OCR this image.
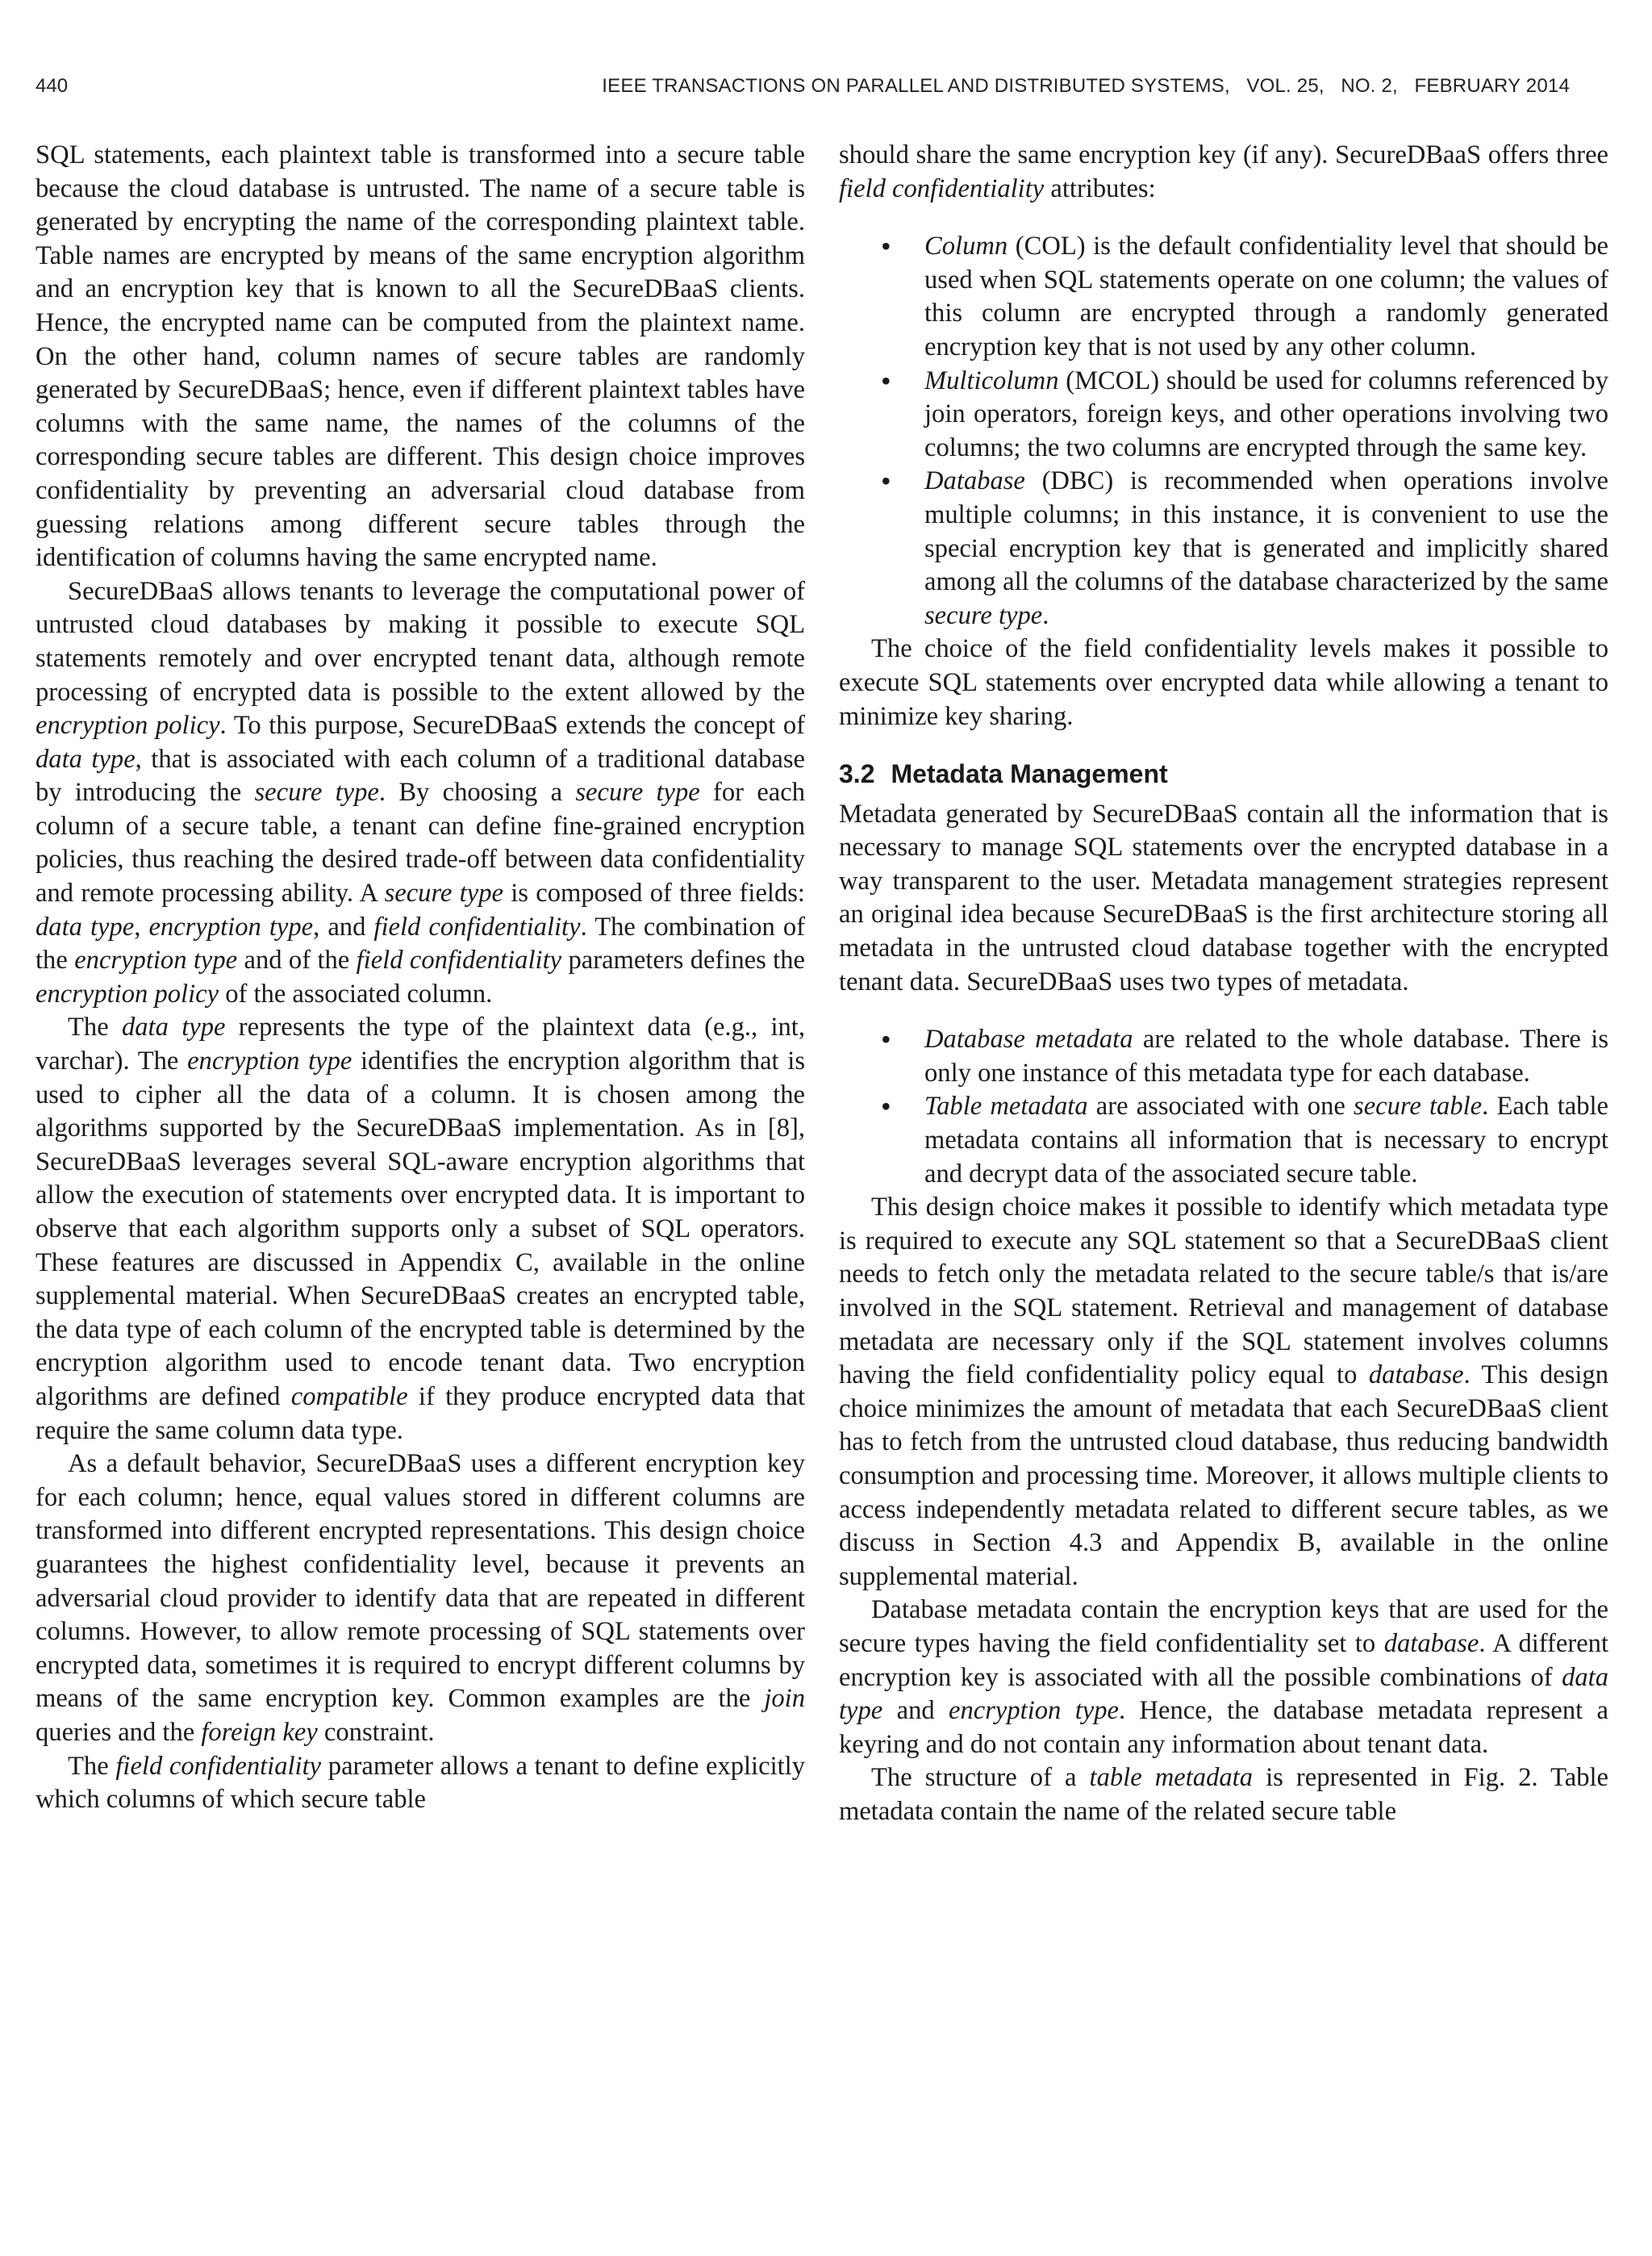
440	IEEE TRANSACTIONS ON PARALLEL AND DISTRIBUTED SYSTEMS,   VOL. 25,   NO. 2,   FEBRUARY 2014

SQL statements, each plaintext table is transformed into a secure table because the cloud database is untrusted. The name of a secure table is generated by encrypting the name of the corresponding plaintext table. Table names are encrypted by means of the same encryption algorithm and an encryption key that is known to all the SecureDBaaS clients. Hence, the encrypted name can be computed from the plaintext name. On the other hand, column names of secure tables are randomly generated by SecureDBaaS; hence, even if different plaintext tables have columns with the same name, the names of the columns of the corresponding secure tables are different. This design choice improves confidentiality by preventing an adversarial cloud database from guessing relations among different secure tables through the identification of columns having the same encrypted name.

SecureDBaaS allows tenants to leverage the computational power of untrusted cloud databases by making it possible to execute SQL statements remotely and over encrypted tenant data, although remote processing of encrypted data is possible to the extent allowed by the encryption policy. To this purpose, SecureDBaaS extends the concept of data type, that is associated with each column of a traditional database by introducing the secure type. By choosing a secure type for each column of a secure table, a tenant can define fine-grained encryption policies, thus reaching the desired trade-off between data confidentiality and remote processing ability. A secure type is composed of three fields: data type, encryption type, and field confidentiality. The combination of the encryption type and of the field confidentiality parameters defines the encryption policy of the associated column.

The data type represents the type of the plaintext data (e.g., int, varchar). The encryption type identifies the encryption algorithm that is used to cipher all the data of a column. It is chosen among the algorithms supported by the SecureDBaaS implementation. As in [8], SecureDBaaS leverages several SQL-aware encryption algorithms that allow the execution of statements over encrypted data. It is important to observe that each algorithm supports only a subset of SQL operators. These features are discussed in Appendix C, available in the online supplemental material. When SecureDBaaS creates an encrypted table, the data type of each column of the encrypted table is determined by the encryption algorithm used to encode tenant data. Two encryption algorithms are defined compatible if they produce encrypted data that require the same column data type.

As a default behavior, SecureDBaaS uses a different encryption key for each column; hence, equal values stored in different columns are transformed into different encrypted representations. This design choice guarantees the highest confidentiality level, because it prevents an adversarial cloud provider to identify data that are repeated in different columns. However, to allow remote processing of SQL statements over encrypted data, sometimes it is required to encrypt different columns by means of the same encryption key. Common examples are the join queries and the foreign key constraint.

The field confidentiality parameter allows a tenant to define explicitly which columns of which secure table

should share the same encryption key (if any). SecureDBaaS offers three field confidentiality attributes:

• Column (COL) is the default confidentiality level that should be used when SQL statements operate on one column; the values of this column are encrypted through a randomly generated encryption key that is not used by any other column.
• Multicolumn (MCOL) should be used for columns referenced by join operators, foreign keys, and other operations involving two columns; the two columns are encrypted through the same key.
• Database (DBC) is recommended when operations involve multiple columns; in this instance, it is convenient to use the special encryption key that is generated and implicitly shared among all the columns of the database characterized by the same secure type.

The choice of the field confidentiality levels makes it possible to execute SQL statements over encrypted data while allowing a tenant to minimize key sharing.

3.2 Metadata Management

Metadata generated by SecureDBaaS contain all the information that is necessary to manage SQL statements over the encrypted database in a way transparent to the user. Metadata management strategies represent an original idea because SecureDBaaS is the first architecture storing all metadata in the untrusted cloud database together with the encrypted tenant data. SecureDBaaS uses two types of metadata.

• Database metadata are related to the whole database. There is only one instance of this metadata type for each database.
• Table metadata are associated with one secure table. Each table metadata contains all information that is necessary to encrypt and decrypt data of the associated secure table.

This design choice makes it possible to identify which metadata type is required to execute any SQL statement so that a SecureDBaaS client needs to fetch only the metadata related to the secure table/s that is/are involved in the SQL statement. Retrieval and management of database metadata are necessary only if the SQL statement involves columns having the field confidentiality policy equal to database. This design choice minimizes the amount of metadata that each SecureDBaaS client has to fetch from the untrusted cloud database, thus reducing bandwidth consumption and processing time. Moreover, it allows multiple clients to access independently metadata related to different secure tables, as we discuss in Section 4.3 and Appendix B, available in the online supplemental material.

Database metadata contain the encryption keys that are used for the secure types having the field confidentiality set to database. A different encryption key is associated with all the possible combinations of data type and encryption type. Hence, the database metadata represent a keyring and do not contain any information about tenant data.

The structure of a table metadata is represented in Fig. 2. Table metadata contain the name of the related secure table
